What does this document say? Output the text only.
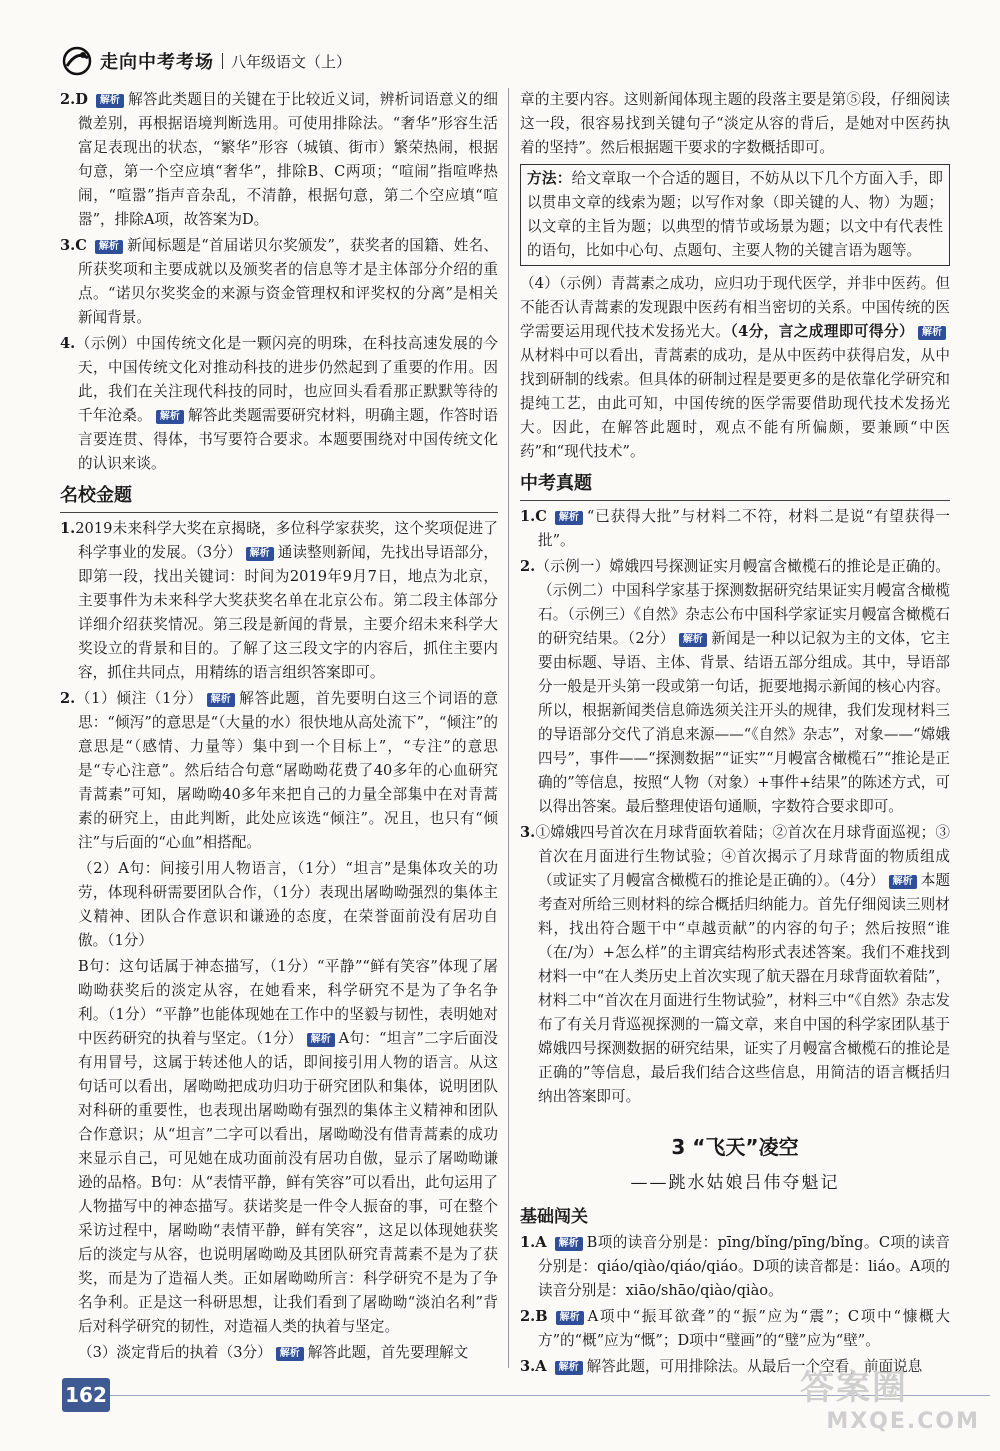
走向中考考场 八年级语文（上）

2.D 解析 解答此类题目的关键在于比较近义词，辨析词语意义的细微差别，再根据语境判断选用。可使用排除法。“奢华”形容生活富足表现出的状态，“繁华”形容（城镇、街市）繁荣热闹，根据句意，第一个空应填“奢华”，排除B、C两项；“喧闹”指喧哗热闹，“喧嚣”指声音杂乱，不清静，根据句意，第二个空应填“喧嚣”，排除A项，故答案为D。

3.C 解析 新闻标题是“首届诺贝尔奖颁发”，获奖者的国籍、姓名、所获奖项和主要成就以及颁奖者的信息等才是主体部分介绍的重点。“诺贝尔奖奖金的来源与资金管理权和评奖权的分离”是相关新闻背景。

4.（示例）中国传统文化是一颗闪亮的明珠，在科技高速发展的今天，中国传统文化对推动科技的进步仍然起到了重要的作用。因此，我们在关注现代科技的同时，也应回头看看那正默默等待的千年沧桑。 解析 解答此类题需要研究材料，明确主题，作答时语言要连贯、得体，书写要符合要求。本题要围绕对中国传统文化的认识来谈。

名校金题

1.2019未来科学大奖在京揭晓，多位科学家获奖，这个奖项促进了科学事业的发展。（3分） 解析 通读整则新闻，先找出导语部分，即第一段，找出关键词：时间为2019年9月7日，地点为北京，主要事件为未来科学大奖获奖名单在北京公布。第二段主体部分详细介绍获奖情况。第三段是新闻的背景，主要介绍未来科学大奖设立的背景和目的。了解了这三段文字的内容后，抓住主要内容，抓住共同点，用精练的语言组织答案即可。

2.（1）倾注（1分） 解析 解答此题，首先要明白这三个词语的意思：“倾泻”的意思是“（大量的水）很快地从高处流下”，“倾注”的意思是“（感情、力量等）集中到一个目标上”，“专注”的意思是“专心注意”。然后结合句意“屠呦呦花费了40多年的心血研究青蒿素”可知，屠呦呦40多年来把自己的力量全部集中在对青蒿素的研究上，由此判断，此处应该选“倾注”。况且，也只有“倾注”与后面的“心血”相搭配。

（2）A句：间接引用人物语言，（1分）“坦言”是集体攻关的功劳，体现科研需要团队合作，（1分）表现出屠呦呦强烈的集体主义精神、团队合作意识和谦逊的态度，在荣誉面前没有居功自傲。（1分）

B句：这句话属于神态描写，（1分）“平静”“鲜有笑容”体现了屠呦呦获奖后的淡定从容，在她看来，科学研究不是为了争名争利。（1分）“平静”也能体现她在工作中的坚毅与韧性，表明她对中医药研究的执着与坚定。（1分） 解析 A句：“坦言”二字后面没有用冒号，这属于转述他人的话，即间接引用人物的语言。从这句话可以看出，屠呦呦把成功归功于研究团队和集体，说明团队对科研的重要性，也表现出屠呦呦有强烈的集体主义精神和团队合作意识；从“坦言”二字可以看出，屠呦呦没有借青蒿素的成功来显示自己，可见她在成功面前没有居功自傲，显示了屠呦呦谦逊的品格。B句：从“表情平静，鲜有笑容”可以看出，此句运用了人物描写中的神态描写。获诺奖是一件令人振奋的事，可在整个采访过程中，屠呦呦“表情平静，鲜有笑容”，这足以体现她获奖后的淡定与从容，也说明屠呦呦及其团队研究青蒿素不是为了获奖，而是为了造福人类。正如屠呦呦所言：科学研究不是为了争名争利。正是这一科研思想，让我们看到了屠呦呦“淡泊名利”背后对科学研究的韧性，对造福人类的执着与坚定。

（3）淡定背后的执着（3分） 解析 解答此题，首先要理解文

章的主要内容。这则新闻体现主题的段落主要是第⑤段，仔细阅读这一段，很容易找到关键句子“淡定从容的背后，是她对中医药执着的坚持”。然后根据题干要求的字数概括即可。

方法：给文章取一个合适的题目，不妨从以下几个方面入手，即以贯串文章的线索为题；以写作对象（即关键的人、物）为题；以文章的主旨为题；以典型的情节或场景为题；以文中有代表性的语句，比如中心句、点题句、主要人物的关键言语为题等。

（4）（示例）青蒿素之成功，应归功于现代医学，并非中医药。但不能否认青蒿素的发现跟中医药有相当密切的关系。中国传统的医学需要运用现代技术发扬光大。（4分，言之成理即可得分） 解析从材料中可以看出，青蒿素的成功，是从中医药中获得启发，从中找到研制的线索。但具体的研制过程是要更多的是依靠化学研究和提纯工艺，由此可知，中国传统的医学需要借助现代技术发扬光大。因此，在解答此题时，观点不能有所偏颇，要兼顾“中医药”和“现代技术”。

中考真题

1.C 解析 “已获得大批”与材料二不符，材料二是说“有望获得一批”。

2.（示例一）嫦娥四号探测证实月幔富含橄榄石的推论是正确的。（示例二）中国科学家基于探测数据研究结果证实月幔富含橄榄石。（示例三）《自然》杂志公布中国科学家证实月幔富含橄榄石的研究结果。（2分） 解析 新闻是一种以记叙为主的文体，它主要由标题、导语、主体、背景、结语五部分组成。其中，导语部分一般是开头第一段或第一句话，扼要地揭示新闻的核心内容。所以，根据新闻类信息筛选须关注开头的规律，我们发现材料三的导语部分交代了消息来源——“《自然》杂志”，对象——“嫦娥四号”，事件——“探测数据”“证实”“月幔富含橄榄石”“推论是正确的”等信息，按照“人物（对象）+事件+结果”的陈述方式，可以得出答案。最后整理使语句通顺，字数符合要求即可。

3.①嫦娥四号首次在月球背面软着陆；②首次在月球背面巡视；③首次在月面进行生物试验；④首次揭示了月球背面的物质组成（或证实了月幔富含橄榄石的推论是正确的）。（4分） 解析 本题考查对所给三则材料的综合概括归纳能力。首先仔细阅读三则材料，找出符合题干中“卓越贡献”的内容的句子；然后按照“谁（在/为）+怎么样”的主谓宾结构形式表述答案。我们不难找到材料一中“在人类历史上首次实现了航天器在月球背面软着陆”，材料二中“首次在月面进行生物试验”，材料三中“《自然》杂志发布了有关月背巡视探测的一篇文章，来自中国的科学家团队基于嫦娥四号探测数据的研究结果，证实了月幔富含橄榄石的推论是正确的”等信息，最后我们结合这些信息，用简洁的语言概括归纳出答案即可。

3 “飞天”凌空
——跳水姑娘吕伟夺魁记
基础闯关

1.A 解析 B项的读音分别是：pīng/bǐng/pīng/bǐng。C项的读音分别是：qiáo/qiào/qiáo/qiáo。D项的读音都是：liáo。A项的读音分别是：xiāo/shāo/qiào/qiào。

2.B 解析 A项中“振耳欲聋”的“振”应为“震”；C项中“慷概大方”的“概”应为“慨”；D项中“璧画”的“璧”应为“壁”。

3.A 解析 解答此题，可用排除法。从最后一个空看，前面说息

162	答案圈
MXQE.COM
